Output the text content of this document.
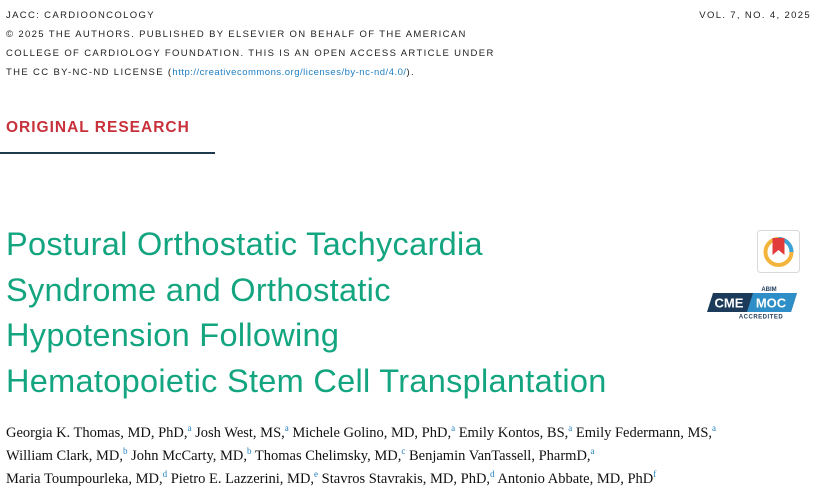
JACC: CARDIOONCOLOGY
© 2025 THE AUTHORS. PUBLISHED BY ELSEVIER ON BEHALF OF THE AMERICAN
COLLEGE OF CARDIOLOGY FOUNDATION. THIS IS AN OPEN ACCESS ARTICLE UNDER
THE CC BY-NC-ND LICENSE (http://creativecommons.org/licenses/by-nc-nd/4.0/).
VOL. 7, NO. 4, 2025
ORIGINAL RESEARCH
Postural Orthostatic Tachycardia
Syndrome and Orthostatic
Hypotension Following
Hematopoietic Stem Cell Transplantation
CME MOC
ABIM
ACCREDITED
Georgia K. Thomas, MD, PhD,$^a$ Josh West, MS,$^a$ Michele Golino, MD, PhD,$^a$ Emily Kontos, BS,$^a$ Emily Federmann, MS,$^a$
William Clark, MD,$^b$ John McCarty, MD,$^b$ Thomas Chelimsky, MD,$^c$ Benjamin VanTassell, PharmD,$^a$
Maria Toumpourleka, MD,$^d$ Pietro E. Lazzerini, MD,$^e$ Stavros Stavrakis, MD, PhD,$^d$ Antonio Abbate, MD, PhD$^f$
